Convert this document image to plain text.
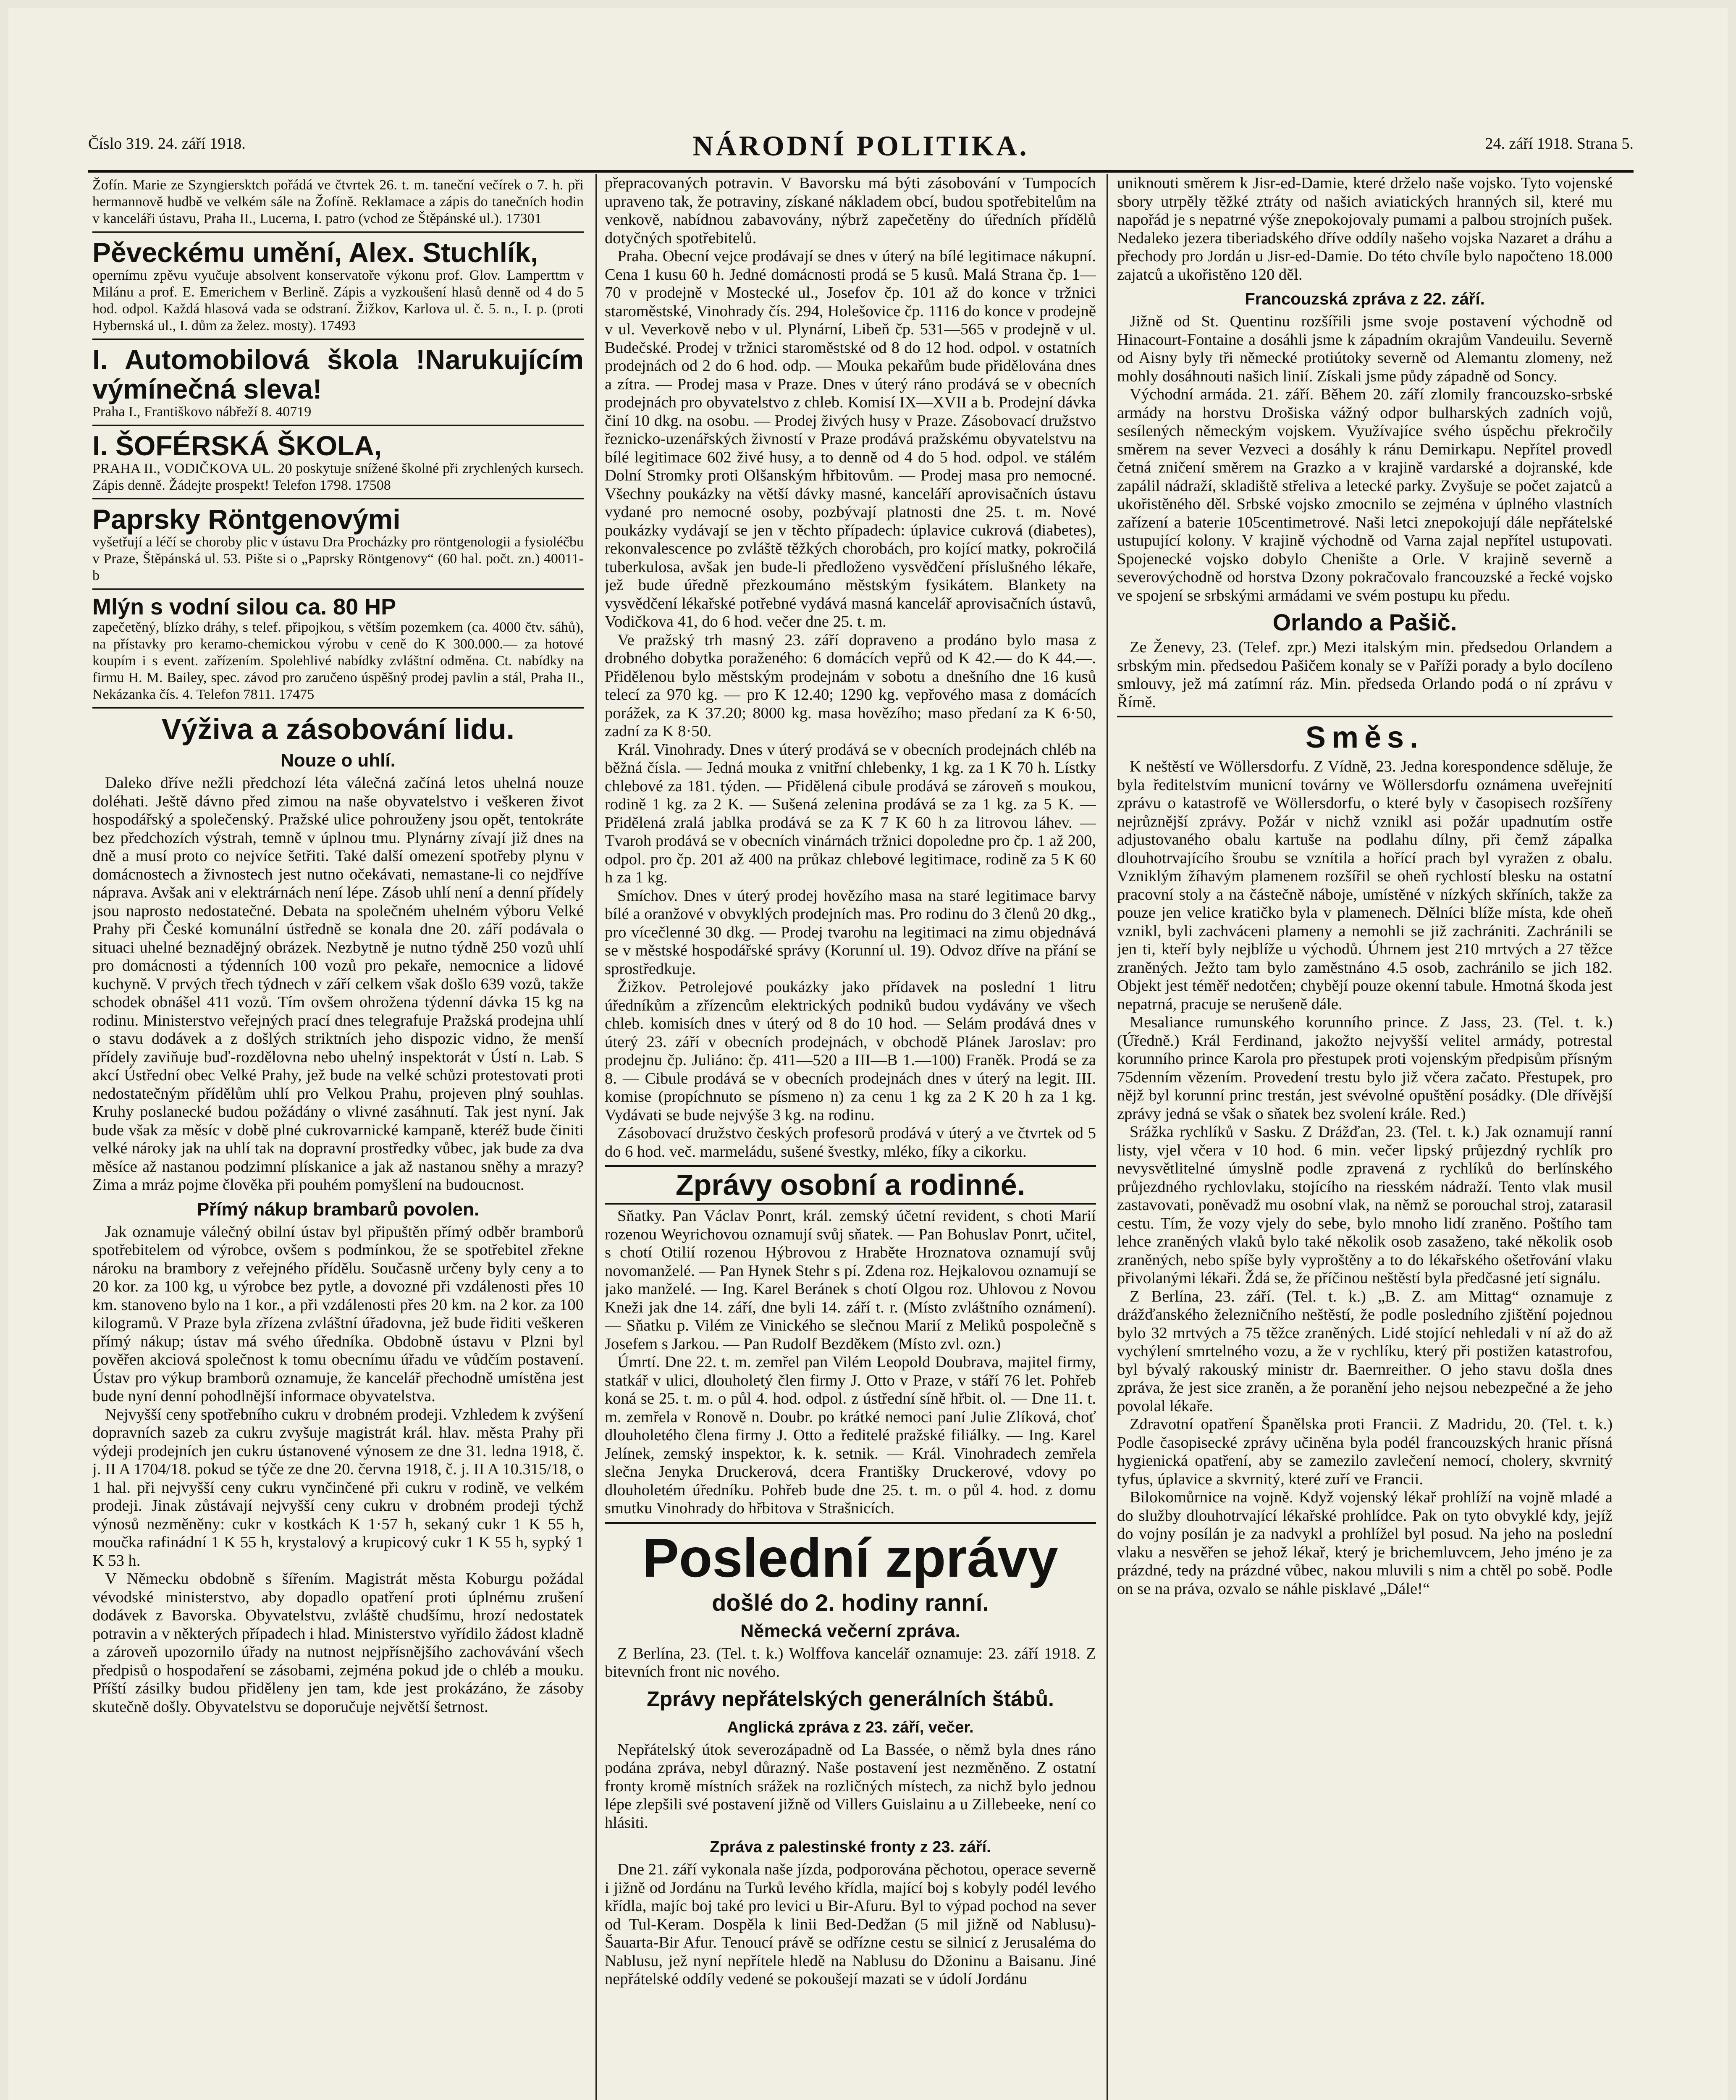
Číslo 319. 24. září 1918.	NÁRODNÍ POLITIKA.	24. září 1918. Strana 5.

Žofín. Marie ze Szyngiersktch pořádá ve čtvrtek 26. t. m. taneční večírek o 7. h. při hermannově hudbě ve velkém sále na Žofíně. Reklamace a zápis do tanečních hodin v kanceláři ústavu, Praha II., Lucerna, I. patro (vchod ze Štěpánské ul.). 17301

Pěveckému umění, Alex. Stuchlík,

opernímu zpěvu vyučuje absolvent konservatoře výkonu prof. Glov. Lamperttm v Milánu a prof. E. Emerichem v Berlině. Zápis a vyzkoušení hlasů denně od 4 do 5 hod. odpol. Každá hlasová vada se odstraní. Žižkov, Karlova ul. č. 5. n., I. p. (proti Hybernská ul., I. dům za želez. mosty). 17493

I. Automobilová škola !Narukujícím výmínečná sleva!

Praha I., Františkovo nábřeží 8. 40719

I. ŠOFÉRSKÁ ŠKOLA,

PRAHA II., VODIČKOVA UL. 20 poskytuje snížené školné při zrychlených kursech. Zápis denně. Žádejte prospekt! Telefon 1798. 17508

Paprsky Röntgenovými

vyšetřují a léčí se choroby plic v ústavu Dra Procházky pro röntgenologii a fysioléčbu v Praze, Štěpánská ul. 53. Pište si o „Paprsky Röntgenovy“ (60 hal. počt. zn.) 40011-b

Mlýn s vodní silou ca. 80 HP

zapečetěný, blízko dráhy, s telef. připojkou, s větším pozemkem (ca. 4000 čtv. sáhů), na přístavky pro keramo-chemickou výrobu v ceně do K 300.000.— za hotové koupím i s event. zařízením. Spolehlivé nabídky zvláštní odměna. Ct. nabídky na firmu H. M. Bailey, spec. závod pro zaručeno úspěšný prodej pavlin a stál, Praha II., Nekázanka čís. 4. Telefon 7811. 17475

Výživa a zásobování lidu.
Nouze o uhlí.

Daleko dříve nežli předchozí léta válečná začíná letos uhelná nouze doléhati. Ještě dávno před zimou na naše obyvatelstvo i veškeren život hospodářský a společenský. Pražské ulice pohrouženy jsou opět, tentokráte bez předchozích výstrah, temně v úplnou tmu. Plynárny zívají již dnes na dně a musí proto co nejvíce šetřiti. Také další omezení spotřeby plynu v domácnostech a živnostech jest nutno očekávati, nemastane-li co nejdříve náprava. Avšak ani v elektrárnách není lépe. Zásob uhlí není a denní přídely jsou naprosto nedostatečné. Debata na společném uhelném výboru Velké Prahy při České komunální ústředně se konala dne 20. září podávala o situaci uhelné beznadějný obrázek. Nezbytně je nutno týdně 250 vozů uhlí pro domácnosti a týdenních 100 vozů pro pekaře, nemocnice a lidové kuchyně. V prvých třech týdnech v září celkem však došlo 639 vozů, takže schodek obnášel 411 vozů. Tím ovšem ohrožena týdenní dávka 15 kg na rodinu. Ministerstvo veřejných prací dnes telegrafuje Pražská prodejna uhlí o stavu dodávek a z došlých striktních jeho dispozic vidno, že menší přídely zaviňuje buď-rozdělovna nebo uhelný inspektorát v Ústí n. Lab. S akcí Ústřední obec Velké Prahy, jež bude na velké schůzi protestovati proti nedostatečným přídělům uhlí pro Velkou Prahu, projeven plný souhlas. Kruhy poslanecké budou požádány o vlivné zasáhnutí. Tak jest nyní. Jak bude však za měsíc v době plné cukrovarnické kampaně, kteréž bude činiti velké nároky jak na uhlí tak na dopravní prostředky vůbec, jak bude za dva měsíce až nastanou podzimní plískanice a jak až nastanou sněhy a mrazy? Zima a mráz pojme člověka při pouhém pomyšlení na budoucnost.

Přímý nákup brambarů povolen.

Jak oznamuje válečný obilní ústav byl připuštěn přímý odběr bramborů spotřebitelem od výrobce, ovšem s podmínkou, že se spotřebitel zřekne nároku na brambory z veřejného přídělu. Současně určeny byly ceny a to 20 kor. za 100 kg, u výrobce bez pytle, a dovozné při vzdálenosti přes 10 km. stanoveno bylo na 1 kor., a při vzdálenosti přes 20 km. na 2 kor. za 100 kilogramů. V Praze byla zřízena zvláštní úřadovna, jež bude řiditi veškeren přímý nákup; ústav má svého úředníka. Obdobně ústavu v Plzni byl pověřen akciová společnost k tomu obecnímu úřadu ve vůdčím postavení. Ústav pro výkup bramborů oznamuje, že kancelář přechodně umístěna jest bude nyní denní pohodlnější informace obyvatelstva.

Nejvyšší ceny spotřebního cukru v drobném prodeji. Vzhledem k zvýšení dopravních sazeb za cukru zvyšuje magistrát král. hlav. města Prahy při výdeji prodejních jen cukru ústanovené výnosem ze dne 31. ledna 1918, č. j. II A 1704/18. pokud se týče ze dne 20. června 1918, č. j. II A 10.315/18, o 1 hal. při nejvyšší ceny cukru vynčinčené při cukru v rodině, ve velkém prodeji. Jinak zůstávají nejvyšší ceny cukru v drobném prodeji týchž výnosů nezměněny: cukr v kostkách K 1·57 h, sekaný cukr 1 K 55 h, moučka rafinádní 1 K 55 h, krystalový a krupicový cukr 1 K 55 h, sypký 1 K 53 h.

V Německu obdobně s šířením. Magistrát města Koburgu požádal vévodské ministerstvo, aby dopadlo opatření proti úplnému zrušení dodávek z Bavorska. Obyvatelstvu, zvláště chudšímu, hrozí nedostatek potravin a v některých případech i hlad. Ministerstvo vyřídilo žádost kladně a zároveň upozornilo úřady na nutnost nejpřísnějšího zachovávání všech předpisů o hospodaření se zásobami, zejména pokud jde o chléb a mouku. Příští zásilky budou přiděleny jen tam, kde jest prokázáno, že zásoby skutečně došly. Obyvatelstvu se doporučuje největší šetrnost.

přepracovaných potravin. V Bavorsku má býti zásobování v Tumpocích upraveno tak, že potraviny, získané nákladem obcí, budou spotřebitelům na venkově, nabídnou zabavovány, nýbrž zapečetěny do úředních přídělů dotyčných spotřebitelů.

Praha. Obecní vejce prodávají se dnes v úterý na bílé legitimace nákupní. Cena 1 kusu 60 h. Jedné domácnosti prodá se 5 kusů. Malá Strana čp. 1—70 v prodejně v Mostecké ul., Josefov čp. 101 až do konce v tržnici staroměstské, Vinohrady čís. 294, Holešovice čp. 1116 do konce v prodejně v ul. Veverkově nebo v ul. Plynární, Libeň čp. 531—565 v prodejně v ul. Budečské. Prodej v tržnici staroměstské od 8 do 12 hod. odpol. v ostatních prodejnách od 2 do 6 hod. odp. — Mouka pekařům bude přidělována dnes a zítra. — Prodej masa v Praze. Dnes v úterý ráno prodává se v obecních prodejnách pro obyvatelstvo z chleb. Komisí IX—XVII a b. Prodejní dávka činí 10 dkg. na osobu. — Prodej živých husy v Praze. Zásobovací družstvo řeznicko-uzenářských živností v Praze prodává pražskému obyvatelstvu na bílé legitimace 602 živé husy, a to denně od 4 do 5 hod. odpol. ve stálém Dolní Stromky proti Olšanským hřbitovům. — Prodej masa pro nemocné. Všechny poukázky na větší dávky masné, kanceláří aprovisačních ústavu vydané pro nemocné osoby, pozbývají platnosti dne 25. t. m. Nové poukázky vydávají se jen v těchto případech: úplavice cukrová (diabetes), rekonvalescence po zvláště těžkých chorobách, pro kojící matky, pokročilá tuberkulosa, avšak jen bude-li předloženo vysvědčení příslušného lékaře, jež bude úředně přezkoumáno městským fysikátem. Blankety na vysvědčení lékařské potřebné vydává masná kancelář aprovisačních ústavů, Vodičkova 41, do 6 hod. večer dne 25. t. m.

Ve pražský trh masný 23. září dopraveno a prodáno bylo masa z drobného dobytka poraženého: 6 domácích vepřů od K 42.— do K 44.—. Přidělenou bylo městským prodejnám v sobotu a dnešního dne 16 kusů telecí za 970 kg. — pro K 12.40; 1290 kg. vepřového masa z domácích porážek, za K 37.20; 8000 kg. masa hovězího; maso předaní za K 6·50, zadní za K 8·50.

Král. Vinohrady. Dnes v úterý prodává se v obecních prodejnách chléb na běžná čísla. — Jedná mouka z vnitřní chlebenky, 1 kg. za 1 K 70 h. Lístky chlebové za 181. týden. — Přidělená cibule prodává se zároveň s moukou, rodině 1 kg. za 2 K. — Sušená zelenina prodává se za 1 kg. za 5 K. — Přidělená zralá jablka prodává se za K 7 K 60 h za litrovou láhev. — Tvaroh prodává se v obecních vinárnách tržnici dopoledne pro čp. 1 až 200, odpol. pro čp. 201 až 400 na průkaz chlebové legitimace, rodině za 5 K 60 h za 1 kg.

Smíchov. Dnes v úterý prodej hovězího masa na staré legitimace barvy bílé a oranžové v obvyklých prodejních mas. Pro rodinu do 3 členů 20 dkg., pro vícečlenné 30 dkg. — Prodej tvarohu na legitimaci na zimu objednává se v městské hospodářské správy (Korunní ul. 19). Odvoz dříve na přání se sprostředkuje.

Žižkov. Petrolejové poukázky jako přídavek na poslední 1 litru úředníkům a zřízencům elektrických podniků budou vydávány ve všech chleb. komisích dnes v úterý od 8 do 10 hod. — Selám prodává dnes v úterý 23. září v obecních prodejnách, v obchodě Plánek Jaroslav: pro prodejnu čp. Juliáno: čp. 411—520 a III—B 1.—100) Franěk. Prodá se za 8. — Cibule prodává se v obecních prodejnách dnes v úterý na legit. III. komise (propíchnuto se písmeno n) za cenu 1 kg za 2 K 20 h za 1 kg. Vydávati se bude nejvýše 3 kg. na rodinu.

Zásobovací družstvo českých profesorů prodává v úterý a ve čtvrtek od 5 do 6 hod. več. marmeládu, sušené švestky, mléko, fíky a cikorku.

Zprávy osobní a rodinné.

Sňatky. Pan Václav Ponrt, král. zemský účetní revident, s choti Marií rozenou Weyrichovou oznamují svůj sňatek. — Pan Bohuslav Ponrt, učitel, s chotí Otilií rozenou Hýbrovou z Hraběte Hroznatova oznamují svůj novomanželé. — Pan Hynek Stehr s pí. Zdena roz. Hejkalovou oznamují se jako manželé. — Ing. Karel Beránek s chotí Olgou roz. Uhlovou z Novou Kneži jak dne 14. září, dne byli 14. září t. r. (Místo zvláštního oznámení). — Sňatku p. Vilém ze Vinického se slečnou Marií z Meliků pospolečně s Josefem s Jarkou. — Pan Rudolf Bezděkem (Místo zvl. ozn.)

Úmrtí. Dne 22. t. m. zemřel pan Vilém Leopold Doubrava, majitel firmy, statkář v ulici, dlouholetý člen firmy J. Otto v Praze, v stáří 76 let. Pohřeb koná se 25. t. m. o půl 4. hod. odpol. z ústřední síně hřbit. ol. — Dne 11. t. m. zemřela v Ronově n. Doubr. po krátké nemoci paní Julie Zlíková, choť dlouholetého člena firmy J. Otto a ředitelé pražské filiálky. — Ing. Karel Jelínek, zemský inspektor, k. k. setnik. — Král. Vinohradech zemřela slečna Jenyka Druckerová, dcera Františky Druckerové, vdovy po dlouholetém úředníku. Pohřeb bude dne 25. t. m. o půl 4. hod. z domu smutku Vinohrady do hřbitova v Strašnicích.

Poslední zprávy
došlé do 2. hodiny ranní.
Německá večerní zpráva.

Z Berlína, 23. (Tel. t. k.) Wolffova kancelář oznamuje: 23. září 1918. Z bitevních front nic nového.

Zprávy nepřátelských generálních štábů.
Anglická zpráva z 23. září, večer.

Nepřátelský útok severozápadně od La Bassée, o němž byla dnes ráno podána zpráva, nebyl důrazný. Naše postavení jest nezměněno. Z ostatní fronty kromě místních srážek na rozličných místech, za nichž bylo jednou lépe zlepšili své postavení jižně od Villers Guislainu a u Zillebeeke, není co hlásiti.

Zpráva z palestinské fronty z 23. září.

Dne 21. září vykonala naše jízda, podporována pěchotou, operace severně i jižně od Jordánu na Turků levého křídla, mající boj s kobyly podél levého křídla, majíc boj také pro levici u Bir-Afuru. Byl to výpad pochod na sever od Tul-Keram. Dospěla k linii Bed-Dedžan (5 mil jižně od Nablusu)-Šauarta-Bir Afur. Tenoucí právě se odřízne cestu se silnicí z Jerusaléma do Nablusu, jež nyní nepřítele hledě na Nablusu do Džoninu a Baisanu. Jiné nepřátelské oddíly vedené se pokoušejí mazati se v údolí Jordánu

uniknouti směrem k Jisr-ed-Damie, které drželo naše vojsko. Tyto vojenské sbory utrpěly těžké ztráty od našich aviatických hranných sil, které mu napořád je s nepatrné výše znepokojovaly pumami a palbou strojních pušek. Nedaleko jezera tiberiadského dříve oddíly našeho vojska Nazaret a dráhu a přechody pro Jordán u Jisr-ed-Damie. Do této chvíle bylo napočteno 18.000 zajatců a ukořistěno 120 děl.

Francouzská zpráva z 22. září.

Jižně od St. Quentinu rozšířili jsme svoje postavení východně od Hinacourt-Fontaine a dosáhli jsme k západním okrajům Vandeuilu. Severně od Aisny byly tři německé protiútoky severně od Alemantu zlomeny, než mohly dosáhnouti našich linií. Získali jsme půdy západně od Soncy.

Východní armáda. 21. září. Během 20. září zlomily francouzsko-srbské armády na horstvu Drošiska vážný odpor bulharských zadních vojů, sesílených německým vojskem. Využívajíce svého úspěchu překročily směrem na sever Vezveci a dosáhly k ránu Demirkapu. Nepřítel provedl četná zničení směrem na Grazko a v krajině vardarské a dojranské, kde zapálil nádraží, skladiště střeliva a letecké parky. Zvyšuje se počet zajatců a ukořistěného děl. Srbské vojsko zmocnilo se zejména v úplného vlastních zařízení a baterie 105centimetrové. Naši letci znepokojují dále nepřátelské ustupující kolony. V krajině východně od Varna zajal nepřítel ustupovati. Spojenecké vojsko dobylo Chenište a Orle. V krajině severně a severovýchodně od horstva Dzony pokračovalo francouzské a řecké vojsko ve spojení se srbskými armádami ve svém postupu ku předu.

Orlando a Pašič.

Ze Ženevy, 23. (Telef. zpr.) Mezi italským min. předsedou Orlandem a srbským min. předsedou Pašičem konaly se v Paříži porady a bylo docíleno smlouvy, jež má zatímní ráz. Min. předseda Orlando podá o ní zprávu v Římě.

Směs.

K neštěstí ve Wöllersdorfu. Z Vídně, 23. Jedna korespondence sděluje, že byla ředitelstvím municní továrny ve Wöllersdorfu oznámena uveřejnití zprávu o katastrofě ve Wöllersdorfu, o které byly v časopisech rozšířeny nejrůznější zprávy. Požár v nichž vznikl asi požár upadnutím ostře adjustovaného obalu kartuše na podlahu dílny, při čemž zápalka dlouhotrvajícího šroubu se vznítila a hořící prach byl vyražen z obalu. Vzniklým žíhavým plamenem rozšířil se oheň rychlostí blesku na ostatní pracovní stoly a na částečně náboje, umístěné v nízkých skříních, takže za pouze jen velice kratičko byla v plamenech. Dělníci blíže místa, kde oheň vznikl, byli zachváceni plameny a nemohli se již zachrániti. Zachránili se jen ti, kteří byly nejblíže u východů. Úhrnem jest 210 mrtvých a 27 těžce zraněných. Ježto tam bylo zaměstnáno 4.5 osob, zachránilo se jich 182. Objekt jest téměř nedotčen; chybějí pouze okenní tabule. Hmotná škoda jest nepatrná, pracuje se nerušeně dále.

Mesaliance rumunského korunního prince. Z Jass, 23. (Tel. t. k.) (Úředně.) Král Ferdinand, jakožto nejvyšší velitel armády, potrestal korunního prince Karola pro přestupek proti vojenským předpisům přísným 75denním vězením. Provedení trestu bylo již včera začato. Přestupek, pro nějž byl korunní princ trestán, jest svévolné opuštění posádky. (Dle dřívější zprávy jedná se však o sňatek bez svolení krále. Red.)

Srážka rychlíků v Sasku. Z Drážďan, 23. (Tel. t. k.) Jak oznamují ranní listy, vjel včera v 10 hod. 6 min. večer lipský průjezdný rychlík pro nevysvětlitelné úmyslně podle zpravená z rychlíků do berlínského průjezdného rychlovlaku, stojícího na riesském nádraží. Tento vlak musil zastavovati, poněvadž mu osobní vlak, na němž se porouchal stroj, zatarasil cestu. Tím, že vozy vjely do sebe, bylo mnoho lidí zraněno. Poštího tam lehce zraněných vlaků bylo také několik osob zasaženo, také několik osob zraněných, nebo spíše byly vyproštěny a to do lékařského ošetřování vlaku přivolanými lékaři. Ždá se, že příčinou neštěstí byla předčasné jetí signálu.

Z Berlína, 23. září. (Tel. t. k.) „B. Z. am Mittag“ oznamuje z drážďanského železničního neštěstí, že podle posledního zjištění pojednou bylo 32 mrtvých a 75 těžce zraněných. Lidé stojící nehledali v ní až do až vychýlení smrtelného vozu, a že v rychlíku, který při postižen katastrofou, byl bývalý rakouský ministr dr. Baernreither. O jeho stavu došla dnes zpráva, že jest sice zraněn, a že poranění jeho nejsou nebezpečné a že jeho povolal lékaře.

Zdravotní opatření Španělska proti Francii. Z Madridu, 20. (Tel. t. k.) Podle časopisecké zprávy učiněna byla podél francouzských hranic přísná hygienická opatření, aby se zamezilo zavlečení nemocí, cholery, skvrnitý tyfus, úplavice a skvrnitý, které zuří ve Francii.

Bilokomůrnice na vojně. Když vojenský lékař prohlíží na vojně mladé a do služby dlouhotrvající lékařské prohlídce. Pak on tyto obvyklé kdy, jejíž do vojny posílán je za nadvykl a prohlížel byl posud. Na jeho na poslední vlaku a nesvěřen se jehož lékař, který je brichemluvcem, Jeho jméno je za prázdné, tedy na prázdné vůbec, nakou mluvili s nim a chtěl po sobě. Podle on se na práva, ozvalo se náhle pisklavé „Dále!“
